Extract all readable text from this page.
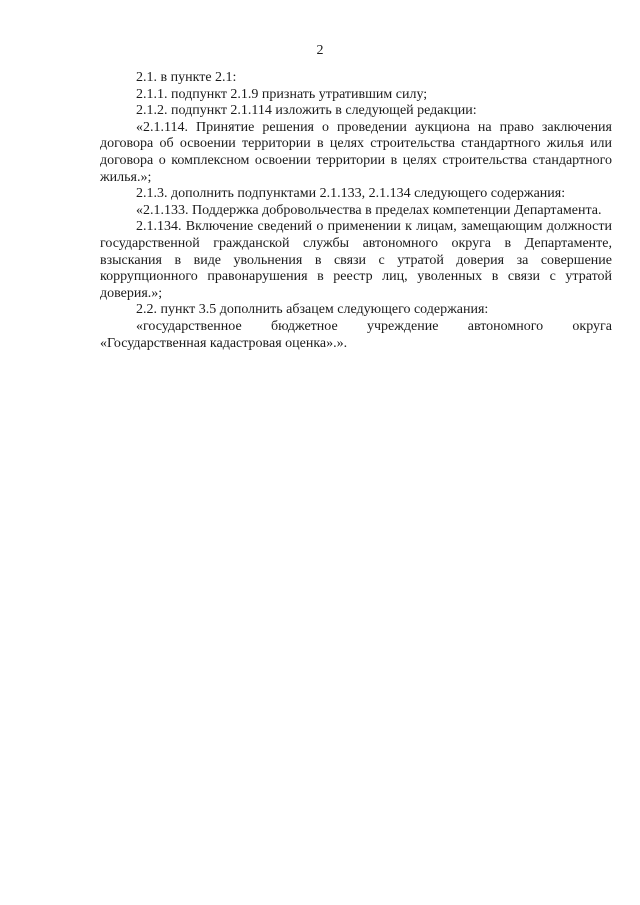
2

2.1. в пункте 2.1:

2.1.1. подпункт 2.1.9 признать утратившим силу;

2.1.2. подпункт 2.1.114 изложить в следующей редакции:

«2.1.114. Принятие решения о проведении аукциона на право заключения договора об освоении территории в целях строительства стандартного жилья или договора о комплексном освоении территории в целях строительства стандартного жилья.»;

2.1.3. дополнить подпунктами 2.1.133, 2.1.134 следующего содержания:

«2.1.133. Поддержка добровольчества в пределах компетенции Департамента.

2.1.134. Включение сведений о применении к лицам, замещающим должности государственной гражданской службы автономного округа в Департаменте, взыскания в виде увольнения в связи с утратой доверия за совершение коррупционного правонарушения в реестр лиц, уволенных в связи с утратой доверия.»;

2.2. пункт 3.5 дополнить абзацем следующего содержания:

«государственное бюджетное учреждение автономного округа «Государственная кадастровая оценка».».
